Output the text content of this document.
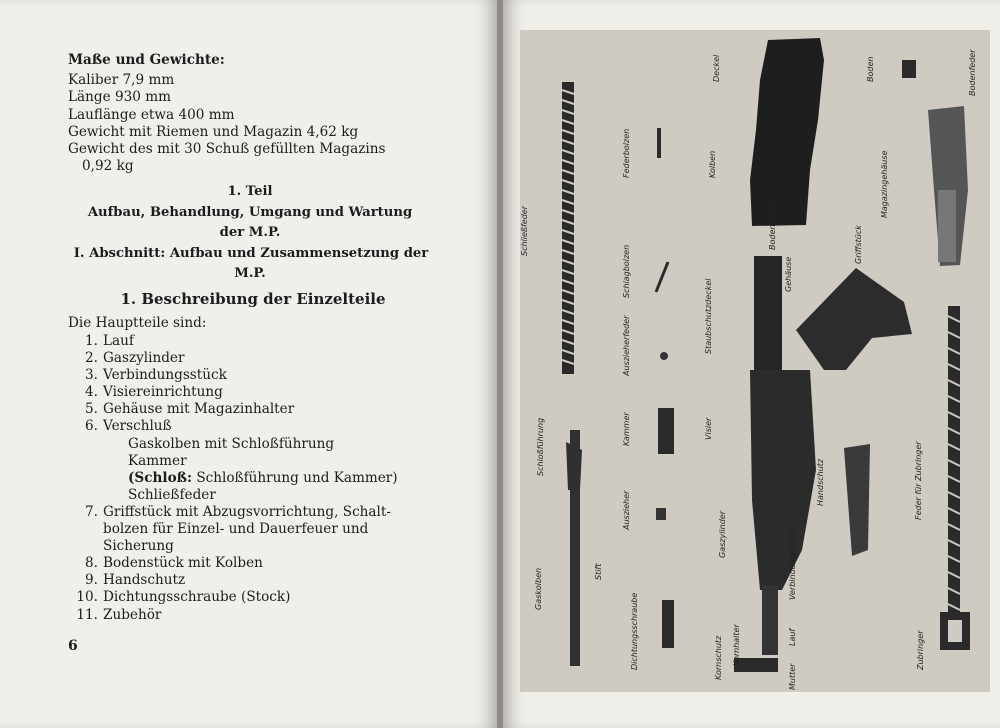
Maße und Gewichte:
Kaliber 7,9 mm
Länge 930 mm
Lauflänge etwa 400 mm
Gewicht mit Riemen und Magazin 4,62 kg
Gewicht des mit 30 Schuß gefüllten Magazins
0,92 kg
1. Teil
Aufbau, Behandlung, Umgang und Wartung
der M.P.
I. Abschnitt: Aufbau und Zusammensetzung der
M.P.
1. Beschreibung der Einzelteile
Die Hauptteile sind:
1. Lauf
2. Gaszylinder
3. Verbindungsstück
4. Visiereinrichtung
5. Gehäuse mit Magazinhalter
6. Verschluß
Gaskolben mit Schloßführung
Kammer
(Schloß: Schloßführung und Kammer)
Schließfeder
7. Griffstück mit Abzugsvorrichtung, Schalt-
bolzen für Einzel- und Dauerfeuer und
Sicherung
8. Bodenstück mit Kolben
9. Handschutz
10. Dichtungsschraube (Stock)
11. Zubehör
6
Deckel
Kolben
Bodenstück
Boden	Bodenfeder
Magazingehäuse
Federbolzen
Schließfeder
Schlagbolzen	Gehäuse
Griffstück
Staubschutzdeckel
Auszieherfeder
Schloßführung	Kammer	Visier
Handschutz	Feder für Zubringer
Auszieher
Gaszylinder
Gaskolben	Stift	Verbindungsstück
Dichtungsschraube	Kornschutz Kornhalter	Lauf
Mutter
Zubringer
